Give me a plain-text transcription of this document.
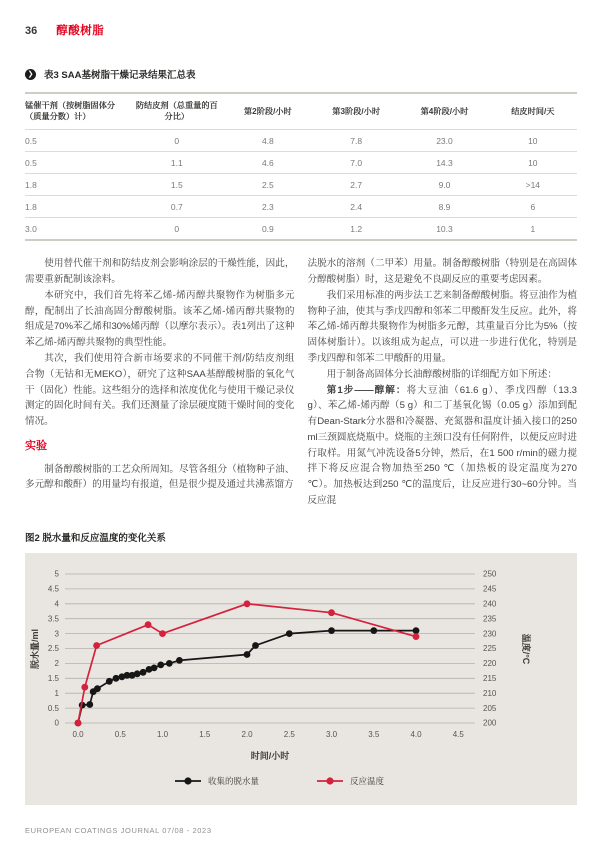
36 醇酸树脂
❯ 表3 SAA基树脂干燥记录结果汇总表
锰催干剂（按树脂固体分（质量分数）计）	防结皮剂（总重量的百分比）	第2阶段/小时	第3阶段/小时	第4阶段/小时	结皮时间/天
0.5	0	4.8	7.8	23.0	10
0.5	1.1	4.6	7.0	14.3	10
1.8	1.5	2.5	2.7	9.0	>14
1.8	0.7	2.3	2.4	8.9	6
3.0	0	0.9	1.2	10.3	1

使用替代催干剂和防结皮剂会影响涂层的干燥性能，因此，需要重新配制该涂料。

本研究中，我们首先将苯乙烯-烯丙醇共聚物作为树脂多元醇，配制出了长油高固分醇酸树脂。该苯乙烯-烯丙醇共聚物的组成是70%苯乙烯和30%烯丙醇（以摩尔表示）。表1列出了这种苯乙烯-烯丙醇共聚物的典型性能。

其次，我们使用符合新市场要求的不同催干剂/防结皮剂组合物（无钴和无MEKO），研究了这种SAA基醇酸树脂的氧化气干（固化）性能。这些组分的选择和浓度优化与使用干燥记录仪测定的固化时间有关。我们还测量了涂层硬度随干燥时间的变化情况。

实验

制备醇酸树脂的工艺众所周知。尽管各组分（植物种子油、多元醇和酸酐）的用量均有报道，但是很少提及通过共沸蒸馏方

法脱水的溶剂（二甲苯）用量。制备醇酸树脂（特别是在高固体分醇酸树脂）时，这是避免不良副反应的重要考虑因素。

我们采用标准的两步法工艺来制备醇酸树脂。将豆油作为植物种子油，使其与季戊四醇和邻苯二甲酸酐发生反应。此外，将苯乙烯-烯丙醇共聚物作为树脂多元醇，其重量百分比为5%（按固体树脂计）。以该组成为起点，可以进一步进行优化，特别是季戊四醇和邻苯二甲酸酐的用量。

用于制备高固体分长油醇酸树脂的详细配方如下所述：

第1步——醇解：将大豆油（61.6 g）、季戊四醇（13.3 g）、苯乙烯-烯丙醇（5 g）和二丁基氧化锡（0.05 g）添加到配有Dean-Stark分水器和冷凝器、充氮器和温度计插入接口的250 ml三颈圆底烧瓶中。烧瓶的主颈口没有任何附件，以便反应时进行取样。用氮气冲洗设备5分钟，然后，在1 500 r/min的磁力搅拌下将反应混合物加热至250 ℃（加热板的设定温度为270 ℃）。加热板达到250 ℃的温度后，让反应进行30~60分钟。当反应混

图2 脱水量和反应温度的变化关系
0	200
0.5	205
1	210
1.5	215
2	220
2.5	225
3	230
3.5	235
4	240
4.5	245
5	250
0.0	0.5	1.0	1.5	2.0	2.5	3.0	3.5	4.0	4.5
脱水量/ml	温度/°C
时间/小时
收集的脱水量	反应温度
EUROPEAN COATINGS JOURNAL 07/08 - 2023
